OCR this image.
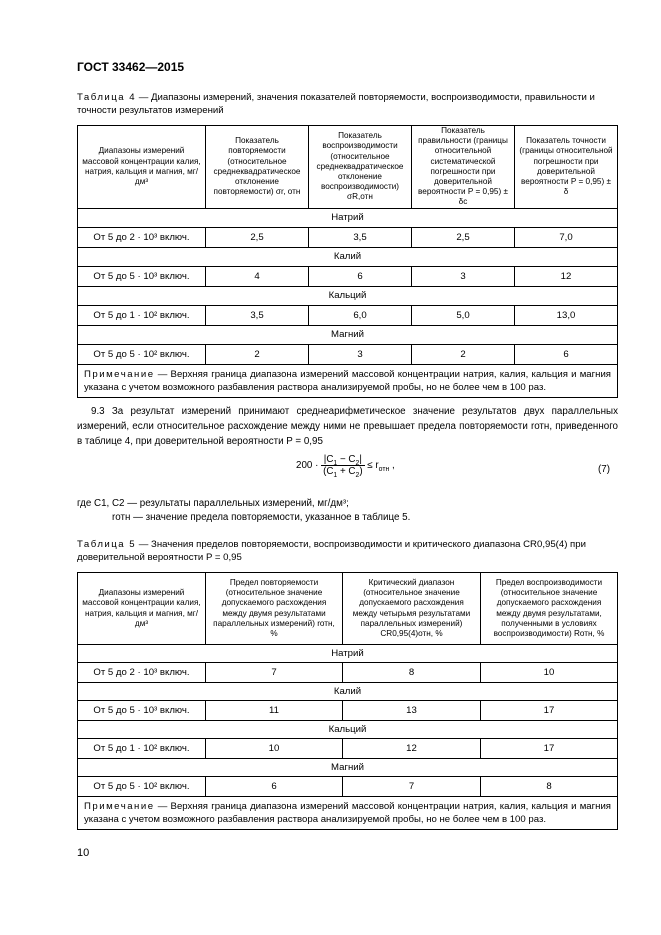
ГОСТ 33462—2015
Таблица 4 — Диапазоны измерений, значения показателей повторяемости, воспроизводимости, правильности и точности результатов измерений
Диапазоны измерений массовой концентрации калия, натрия, кальция и магния, мг/дм³	Показатель повторяемости (относительное среднеквадратическое отклонение повторяемости) σr, отн	Показатель воспроизводимости (относительное среднеквадратическое отклонение воспроизводимости) σR,отн	Показатель правильности (границы относительной систематической погрешности при доверительной вероятности P = 0,95) ± δc	Показатель точности (границы относительной погрешности при доверительной вероятности P = 0,95) ± δ
Натрий				
От 5 до 2 · 10³ включ.	2,5	3,5	2,5	7,0
Калий				
От 5 до 5 · 10³ включ.	4	6	3	12
Кальций				
От 5 до 1 · 10² включ.	3,5	6,0	5,0	13,0
Магний				
От 5 до 5 · 10² включ.	2	3	2	6
Примечание — Верхняя граница диапазона измерений массовой концентрации натрия, калия, кальция и магния указана с учетом возможного разбавления раствора анализируемой пробы, но не более чем в 100 раз.				
9.3 За результат измерений принимают среднеарифметическое значение результатов двух параллельных измерений, если относительное расхождение между ними не превышает предела повторяемости rотн, приведенного в таблице 4, при доверительной вероятности P = 0,95
$200 \cdot \frac{|C_1 - C_2|}{(C_1 + C_2)} \le r_{отн}$ ,	(7)
где C1, C2 — результаты параллельных измерений, мг/дм³;
rотн — значение предела повторяемости, указанное в таблице 5.
Таблица 5 — Значения пределов повторяемости, воспроизводимости и критического диапазона CR0,95(4) при доверительной вероятности P = 0,95
Диапазоны измерений массовой концентрации калия, натрия, кальция и магния, мг/дм³	Предел повторяемости (относительное значение допускаемого расхождения между двумя результатами параллельных измерений) rотн, %	Критический диапазон (относительное значение допускаемого расхождения между четырьмя результатами параллельных измерений) CR0,95(4)отн, %	Предел воспроизводимости (относительное значение допускаемого расхождения между двумя результатами, полученными в условиях воспроизводимости) Rотн, %
Натрий			
От 5 до 2 · 10³ включ.	7	8	10
Калий			
От 5 до 5 · 10³ включ.	11	13	17
Кальций			
От 5 до 1 · 10² включ.	10	12	17
Магний			
От 5 до 5 · 10² включ.	6	7	8
Примечание — Верхняя граница диапазона измерений массовой концентрации натрия, калия, кальция и магния указана с учетом возможного разбавления раствора анализируемой пробы, но не более чем в 100 раз.			
10
